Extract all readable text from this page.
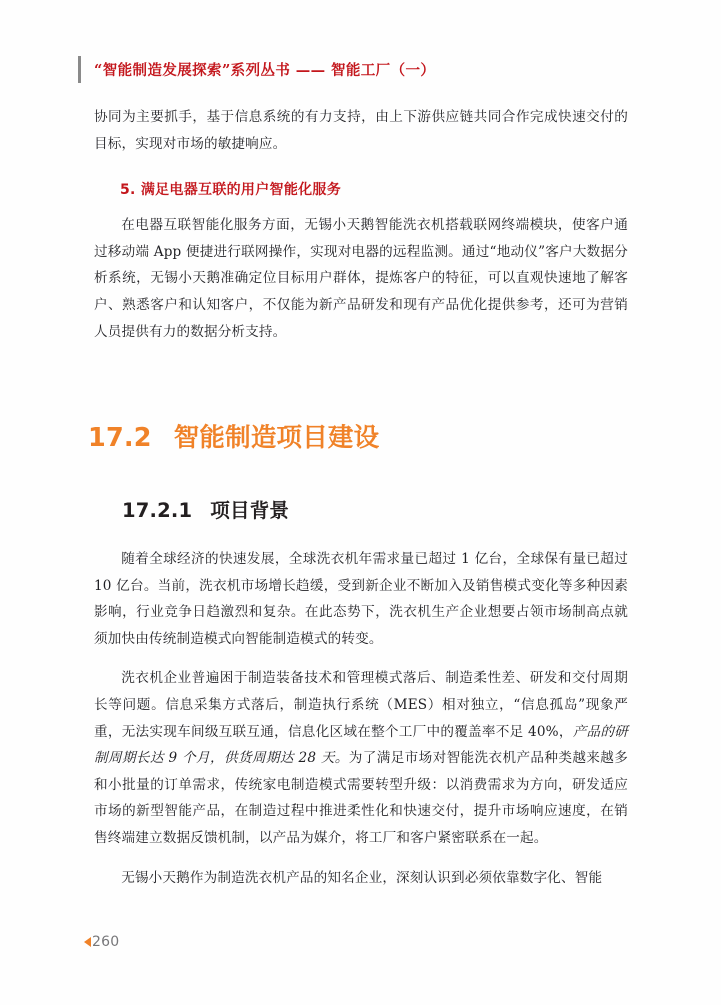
“智能制造发展探索”系列丛书 —— 智能工厂（一）

协同为主要抓手，基于信息系统的有力支持，由上下游供应链共同合作完成快速交付的目标，实现对市场的敏捷响应。

5. 满足电器互联的用户智能化服务

在电器互联智能化服务方面，无锡小天鹅智能洗衣机搭载联网终端模块，使客户通过移动端 App 便捷进行联网操作，实现对电器的远程监测。通过“地动仪”客户大数据分析系统，无锡小天鹅准确定位目标用户群体，提炼客户的特征，可以直观快速地了解客户、熟悉客户和认知客户，不仅能为新产品研发和现有产品优化提供参考，还可为营销人员提供有力的数据分析支持。

17.2 智能制造项目建设
17.2.1 项目背景

随着全球经济的快速发展，全球洗衣机年需求量已超过 1 亿台，全球保有量已超过 10 亿台。当前，洗衣机市场增长趋缓，受到新企业不断加入及销售模式变化等多种因素影响，行业竞争日趋激烈和复杂。在此态势下，洗衣机生产企业想要占领市场制高点就须加快由传统制造模式向智能制造模式的转变。

洗衣机企业普遍困于制造装备技术和管理模式落后、制造柔性差、研发和交付周期长等问题。信息采集方式落后，制造执行系统（MES）相对独立，“信息孤岛”现象严重，无法实现车间级互联互通，信息化区域在整个工厂中的覆盖率不足 40%，产品的研制周期长达 9 个月，供货周期达 28 天。为了满足市场对智能洗衣机产品种类越来越多和小批量的订单需求，传统家电制造模式需要转型升级：以消费需求为方向，研发适应市场的新型智能产品，在制造过程中推进柔性化和快速交付，提升市场响应速度，在销售终端建立数据反馈机制，以产品为媒介，将工厂和客户紧密联系在一起。

无锡小天鹅作为制造洗衣机产品的知名企业，深刻认识到必须依靠数字化、智能

260
